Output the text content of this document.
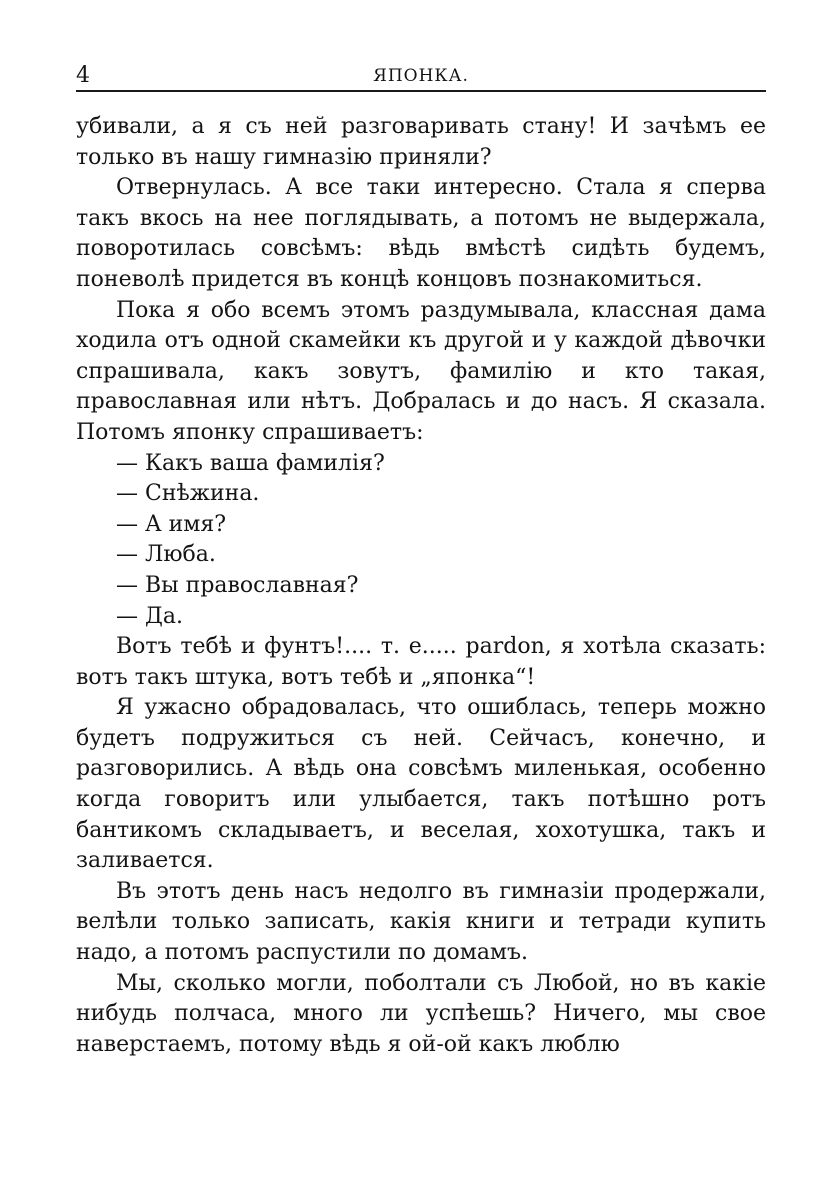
4	ЯПОНКА.

убивали, а я съ ней разговаривать стану! И зачѣмъ ее только въ нашу гимназію приняли?

Отвернулась. А все таки интересно. Стала я сперва такъ вкось на нее поглядывать, а потомъ не выдержала, поворотилась совсѣмъ: вѣдь вмѣстѣ сидѣть будемъ, поневолѣ придется въ концѣ концовъ познакомиться.

Пока я обо всемъ этомъ раздумывала, классная дама ходила отъ одной скамейки къ другой и у каждой дѣвочки спрашивала, какъ зовутъ, фамилію и кто такая, православная или нѣтъ. Добралась и до насъ. Я сказала. Потомъ японку спрашиваетъ:

— Какъ ваша фамилія?

— Снѣжина.

— А имя?

— Люба.

— Вы православная?

— Да.

Вотъ тебѣ и фунтъ!.... т. е..... pardon, я хотѣла сказать: вотъ такъ штука, вотъ тебѣ и „японка“!

Я ужасно обрадовалась, что ошиблась, теперь можно будетъ подружиться съ ней. Сейчасъ, конечно, и разговорились. А вѣдь она совсѣмъ миленькая, особенно когда говоритъ или улыбается, такъ потѣшно ротъ бантикомъ складываетъ, и веселая, хохотушка, такъ и заливается.

Въ этотъ день насъ недолго въ гимназіи продержали, велѣли только записать, какія книги и тетради купить надо, а потомъ распустили по домамъ.

Мы, сколько могли, поболтали съ Любой, но въ какіе нибудь полчаса, много ли успѣешь? Ничего, мы свое наверстаемъ, потому вѣдь я ой-ой какъ люблю
